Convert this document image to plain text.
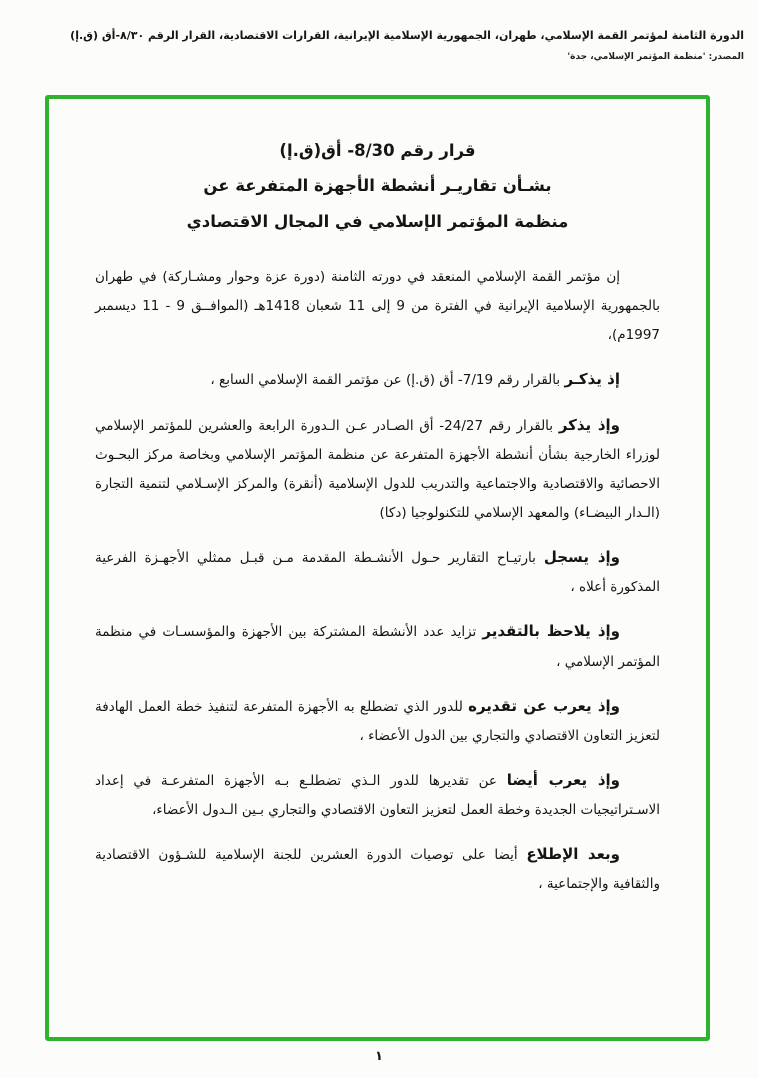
الدورة الثامنة لمؤتمر القمة الإسلامي، طهران، الجمهورية الإسلامية الإيرانية، القرارات الاقتصادية، القرار الرقم ٨/٣٠-أق (ق.إ)
المصدر: 'منظمة المؤتمر الإسلامي، جدة'
قرار رقم 8/30- أق(ق.إ)
بشـأن تقاريـر أنشطة الأجهزة المتفرعة عن
منظمة المؤتمر الإسلامي في المجال الاقتصادي

إن مؤتمر القمة الإسلامي المنعقد في دورته الثامنة (دورة عزة وحوار ومشـاركة) في طهران بالجمهورية الإسلامية الإيرانية في الفترة من 9 إلى 11 شعبان 1418هـ (الموافــق 9 - 11 ديسمبر 1997م)،

إذ يذكـر بالقرار رقم 7/19- أق (ق.إ) عن مؤتمر القمة الإسلامي السابع ،

وإذ يذكر بالقرار رقم 24/27- أق الصـادر عـن الـدورة الرابعة والعشرين للمؤتمر الإسلامي لوزراء الخارجية بشأن أنشطة الأجهزة المتفرعة عن منظمة المؤتمر الإسلامي وبخاصة مركز البحـوث الاحصائية والاقتصادية والاجتماعية والتدريب للدول الإسلامية (أنقرة) والمركز الإسـلامي لتنمية التجارة (الـدار البيضـاء) والمعهد الإسلامي للتكنولوجيا (دكا)

وإذ يسجل بارتيـاح التقارير حـول الأنشـطة المقدمة مـن قبـل ممثلي الأجهـزة الفرعية المذكورة أعلاه ،

وإذ يلاحظ بالتقدير تزايد عدد الأنشطة المشتركة بين الأجهزة والمؤسسـات في منظمة المؤتمر الإسلامي ،

وإذ يعرب عن تقديره للدور الذي تضطلع به الأجهزة المتفرعة لتنفيذ خطة العمل الهادفة لتعزيز التعاون الاقتصادي والتجاري بين الدول الأعضاء ،

وإذ يعرب أيضا عن تقديرها للدور الـذي تضطلـع بـه الأجهزة المتفرعـة في إعداد الاسـتراتيجيات الجديدة وخطة العمل لتعزيز التعاون الاقتصادي والتجاري بـين الـدول الأعضاء،

وبعد الإطلاع أيضا على توصيات الدورة العشرين للجنة الإسلامية للشـؤون الاقتصادية والثقافية والإجتماعية ،

١
